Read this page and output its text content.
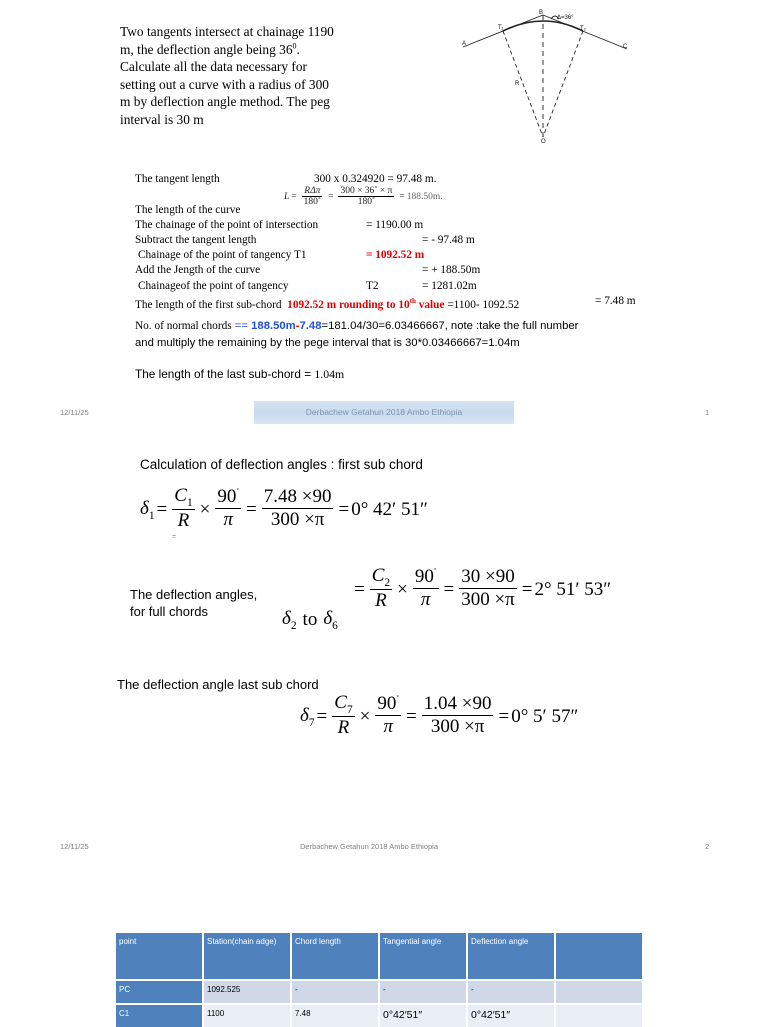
Two tangents intersect at chainage 1190
m, the deflection angle being $36^0$.
Calculate all the data necessary for
setting out a curve with a radius of 300
m by deflection angle method. The peg
interval is 30 m
A
B
C
T₁	T₂
R
O
Δ=36°
The tangent length	300 x 0.324920 = 97.48 m.
$L = \frac{\text{RΔπ}}{180˚} = \frac{300 \times 36˚ \times \pi}{180˚} = 188.50m$.
The length of the curve
The chainage of the point of intersection	= 1190.00 m
Subtract the tangent length	= - 97.48 m
Chainage of the point of tangency T1	= 1092.52 m
Add the Jength of the curve	= + 188.50m
Chainageof the point of tangency	T2	= 1281.02m
The length of the first sub-chord 1092.52 m rounding to 10th value =1100- 1092.52	= 7.48 m
No. of normal chords == 188.50m-7.48=181.04/30=6.03466667, note :take the full number
and multiply the remaining by the pege interval that is 30*0.03466667=1.04m
The length of the last sub-chord = 1.04m
12/11/25	Derbachew Getahun 2018 Ambo Ethiopia	1
Calculation of deflection angles : first sub chord
$\delta_1 = \frac{C_1}{R} \times \frac{90^˚}{\pi} = \frac{7.48 \times 90}{300 \times\pi} = 0^\circ$ 42ʹ 51ʺ
=
The deflection angles,
for full chords	$\delta_2$ to $\delta_6$
= $\frac{C_2}{R} \times \frac{90^˚}{\pi} = \frac{30 \times 90}{300 \times\pi} = 2^\circ$ 51ʹ 53ʺ
The deflection angle last sub chord
$\delta_7 = \frac{C_7}{R} \times \frac{90^˚}{\pi} = \frac{1.04 \times 90}{300 \times\pi} = 0^\circ$ 5ʹ 57ʺ
12/11/25	Derbachew Getahun 2018 Ambo Ethiopia	2
point	Station(chain adge)	Chord length	Tangential angle	Deflection angle	
PC	1092.525	-	-	-	
C1	1100	7.48	0°42′51″	0°42′51″	
